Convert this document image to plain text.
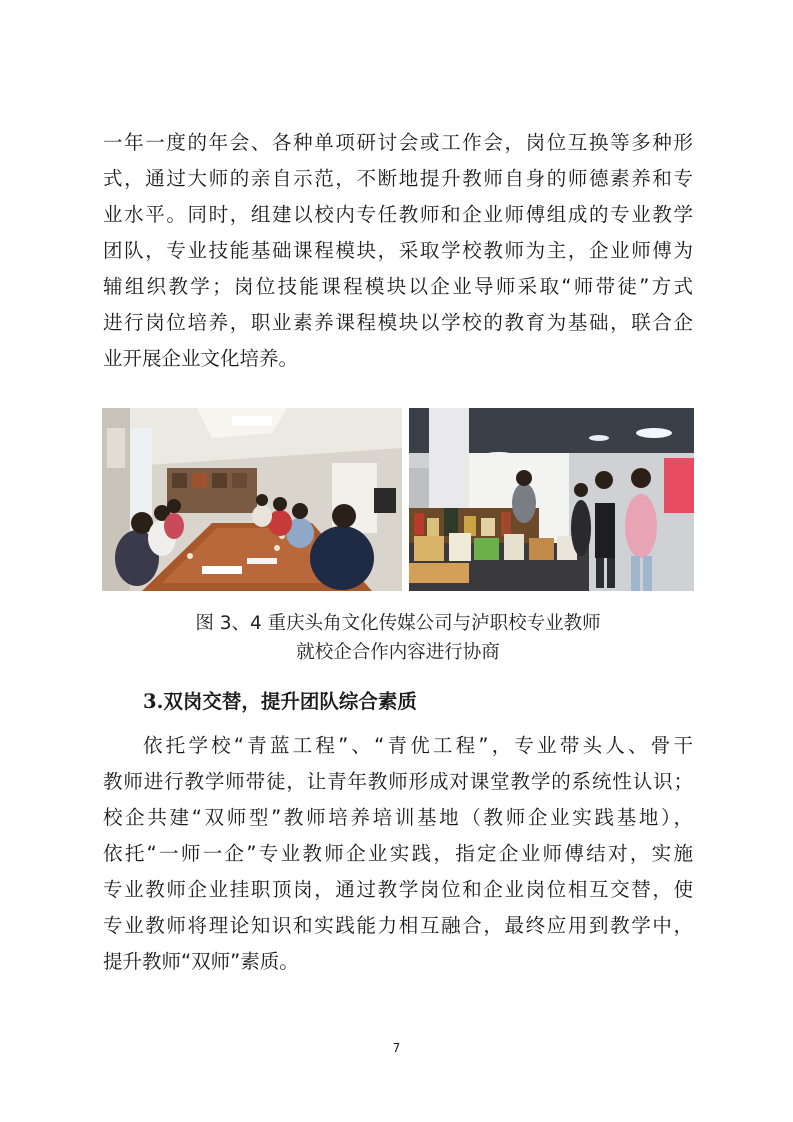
一年一度的年会、各种单项研讨会或工作会，岗位互换等多种形
式，通过大师的亲自示范，不断地提升教师自身的师德素养和专
业水平。同时，组建以校内专任教师和企业师傅组成的专业教学
团队，专业技能基础课程模块，采取学校教师为主，企业师傅为
辅组织教学；岗位技能课程模块以企业导师采取“师带徒”方式
进行岗位培养，职业素养课程模块以学校的教育为基础，联合企
业开展企业文化培养。
图 3、4 重庆头角文化传媒公司与泸职校专业教师
就校企合作内容进行协商
3.双岗交替，提升团队综合素质
依托学校“青蓝工程”、“青优工程”，专业带头人、骨干
教师进行教学师带徒，让青年教师形成对课堂教学的系统性认识；
校企共建“双师型”教师培养培训基地（教师企业实践基地），
依托“一师一企”专业教师企业实践，指定企业师傅结对，实施
专业教师企业挂职顶岗，通过教学岗位和企业岗位相互交替，使
专业教师将理论知识和实践能力相互融合，最终应用到教学中，
提升教师“双师”素质。
7
